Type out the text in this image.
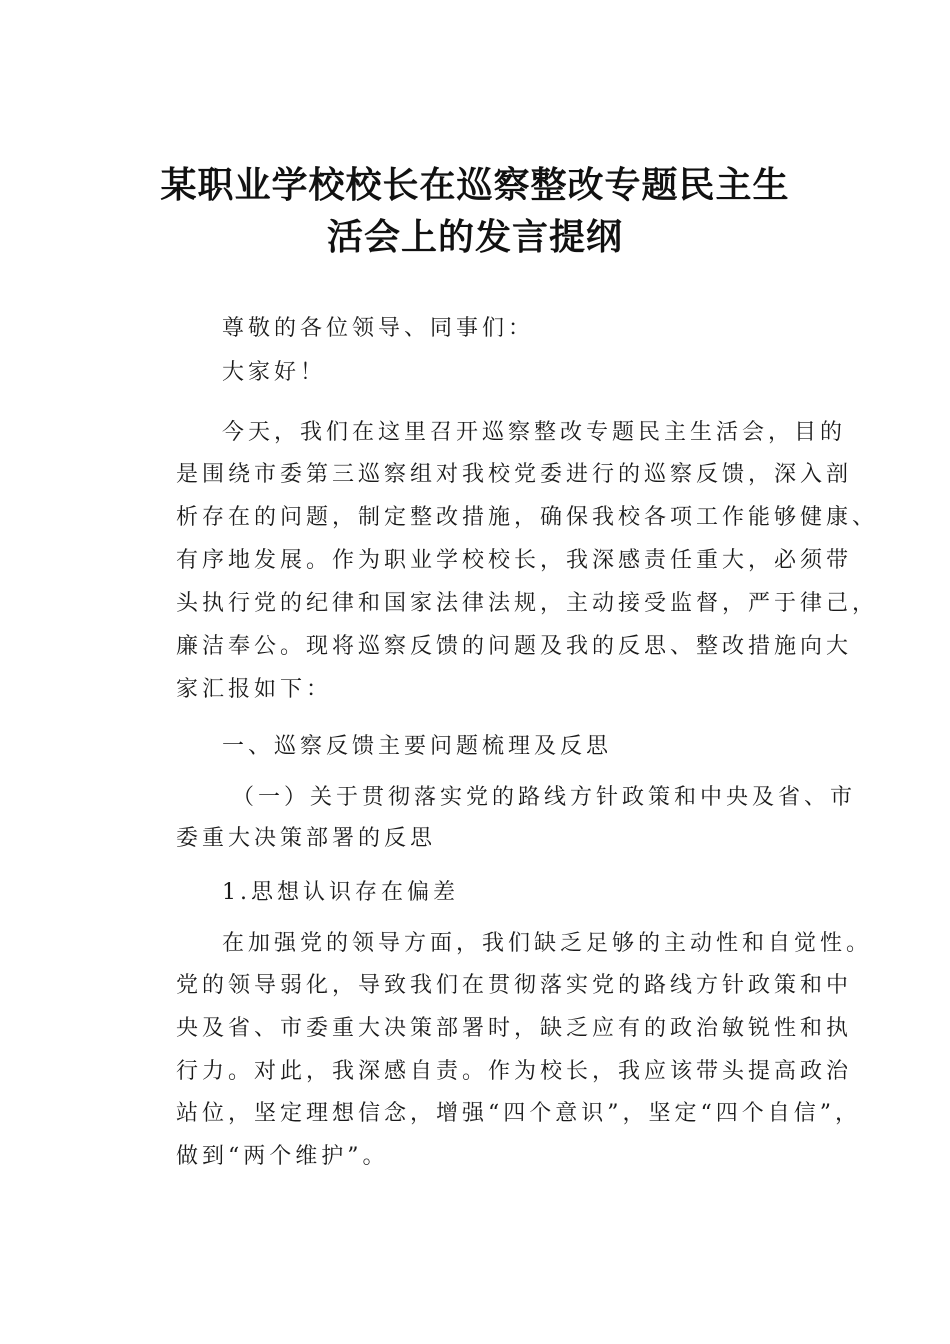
某职业学校校长在巡察整改专题民主生
活会上的发言提纲
尊敬的各位领导、同事们：
大家好！
今天，我们在这里召开巡察整改专题民主生活会，目的
是围绕市委第三巡察组对我校党委进行的巡察反馈，深入剖
析存在的问题，制定整改措施，确保我校各项工作能够健康、
有序地发展。作为职业学校校长，我深感责任重大，必须带
头执行党的纪律和国家法律法规，主动接受监督，严于律己，
廉洁奉公。现将巡察反馈的问题及我的反思、整改措施向大
家汇报如下：
一、巡察反馈主要问题梳理及反思
（一）关于贯彻落实党的路线方针政策和中央及省、市
委重大决策部署的反思
1.思想认识存在偏差
在加强党的领导方面，我们缺乏足够的主动性和自觉性。
党的领导弱化，导致我们在贯彻落实党的路线方针政策和中
央及省、市委重大决策部署时，缺乏应有的政治敏锐性和执
行力。对此，我深感自责。作为校长，我应该带头提高政治
站位，坚定理想信念，增强“四个意识”，坚定“四个自信”，
做到“两个维护”。
